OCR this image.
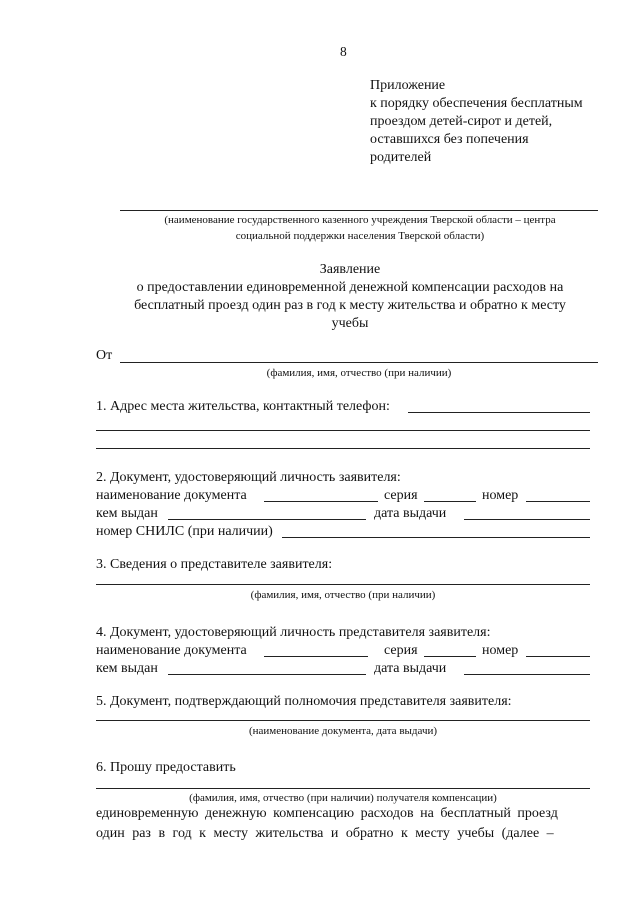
8
Приложение
к порядку обеспечения бесплатным
проездом детей-сирот и детей,
оставшихся без попечения
родителей
(наименование государственного казенного учреждения Тверской области – центра
социальной поддержки населения Тверской области)
Заявление
о предоставлении единовременной денежной компенсации расходов на
бесплатный проезд один раз в год к месту жительства и обратно к месту
учебы
От
(фамилия, имя, отчество (при наличии)
1. Адрес места жительства, контактный телефон:
2. Документ, удостоверяющий личность заявителя:
наименование документа	серия	номер
кем выдан	дата выдачи
номер СНИЛС (при наличии)
3. Сведения о представителе заявителя:
(фамилия, имя, отчество (при наличии)
4. Документ, удостоверяющий личность представителя заявителя:
наименование документа	серия	номер
кем выдан	дата выдачи
5. Документ, подтверждающий полномочия представителя заявителя:
(наименование документа, дата выдачи)
6. Прошу предоставить
(фамилия, имя, отчество (при наличии) получателя компенсации)
единовременную денежную компенсацию расходов на бесплатный проезд
один раз в год к месту жительства и обратно к месту учебы (далее –
